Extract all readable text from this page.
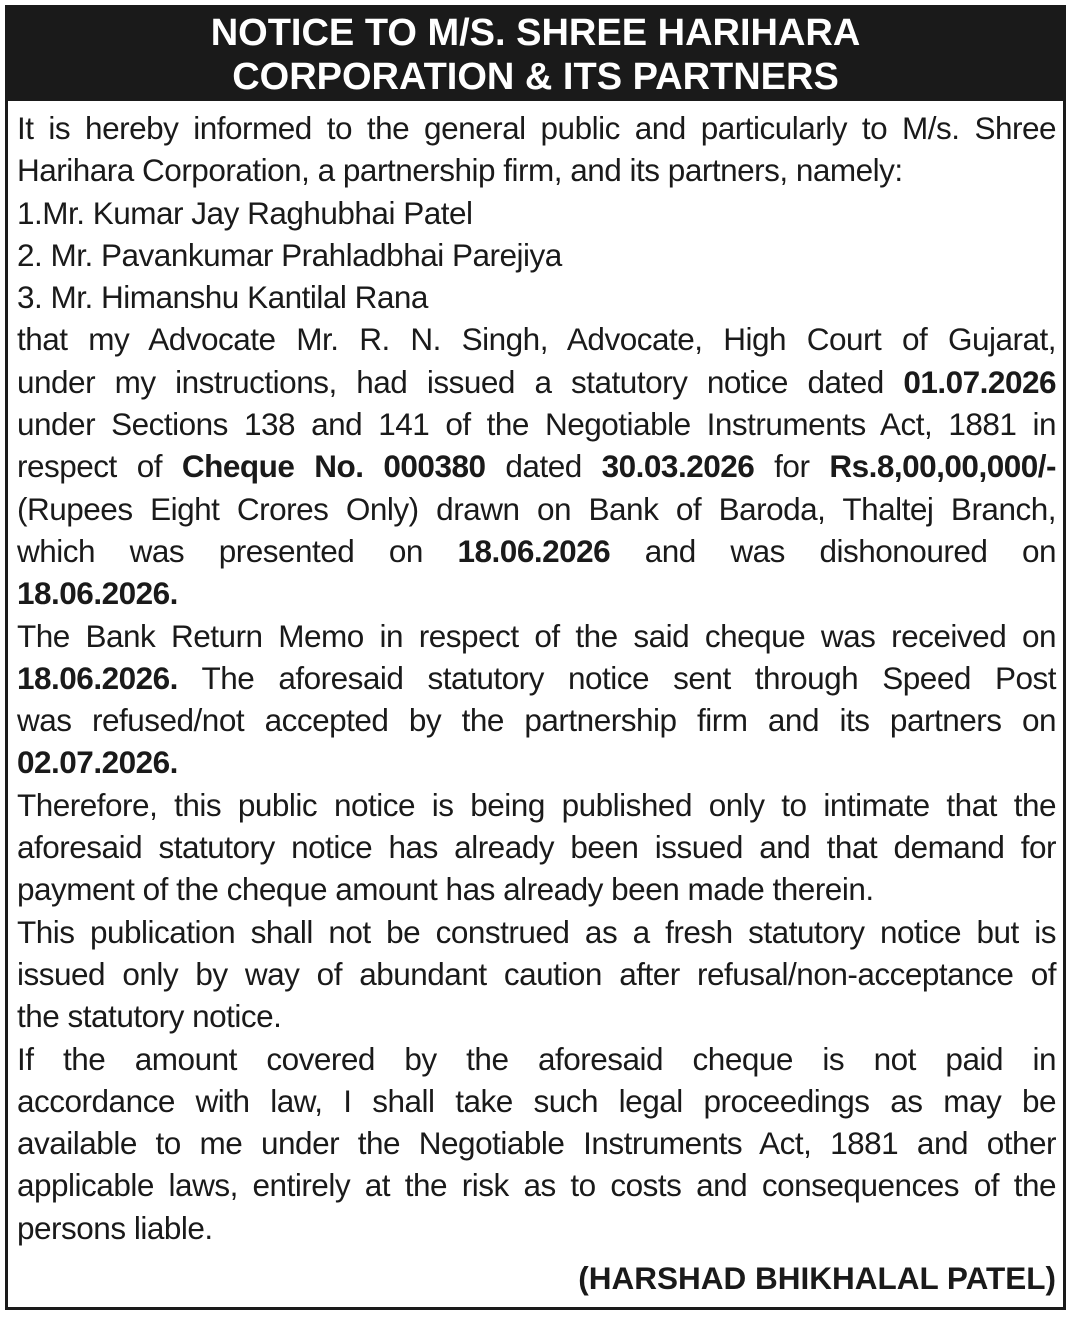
NOTICE TO M/S. SHREE HARIHARA
CORPORATION & ITS PARTNERS
It is hereby informed to the general public and particularly to M/s. Shree
Harihara Corporation, a partnership firm, and its partners, namely:
1.Mr. Kumar Jay Raghubhai Patel
2. Mr. Pavankumar Prahladbhai Parejiya
3. Mr. Himanshu Kantilal Rana
that my Advocate Mr. R. N. Singh, Advocate, High Court of Gujarat,
under my instructions, had issued a statutory notice dated 01.07.2026
under Sections 138 and 141 of the Negotiable Instruments Act, 1881 in
respect of Cheque No. 000380 dated 30.03.2026 for Rs.8,00,00,000/-
(Rupees Eight Crores Only) drawn on Bank of Baroda, Thaltej Branch,
which was presented on 18.06.2026 and was dishonoured on
18.06.2026.
The Bank Return Memo in respect of the said cheque was received on
18.06.2026. The aforesaid statutory notice sent through Speed Post
was refused/not accepted by the partnership firm and its partners on
02.07.2026.
Therefore, this public notice is being published only to intimate that the
aforesaid statutory notice has already been issued and that demand for
payment of the cheque amount has already been made therein.
This publication shall not be construed as a fresh statutory notice but is
issued only by way of abundant caution after refusal/non-acceptance of
the statutory notice.
If the amount covered by the aforesaid cheque is not paid in
accordance with law, I shall take such legal proceedings as may be
available to me under the Negotiable Instruments Act, 1881 and other
applicable laws, entirely at the risk as to costs and consequences of the
persons liable.
(HARSHAD BHIKHALAL PATEL)
